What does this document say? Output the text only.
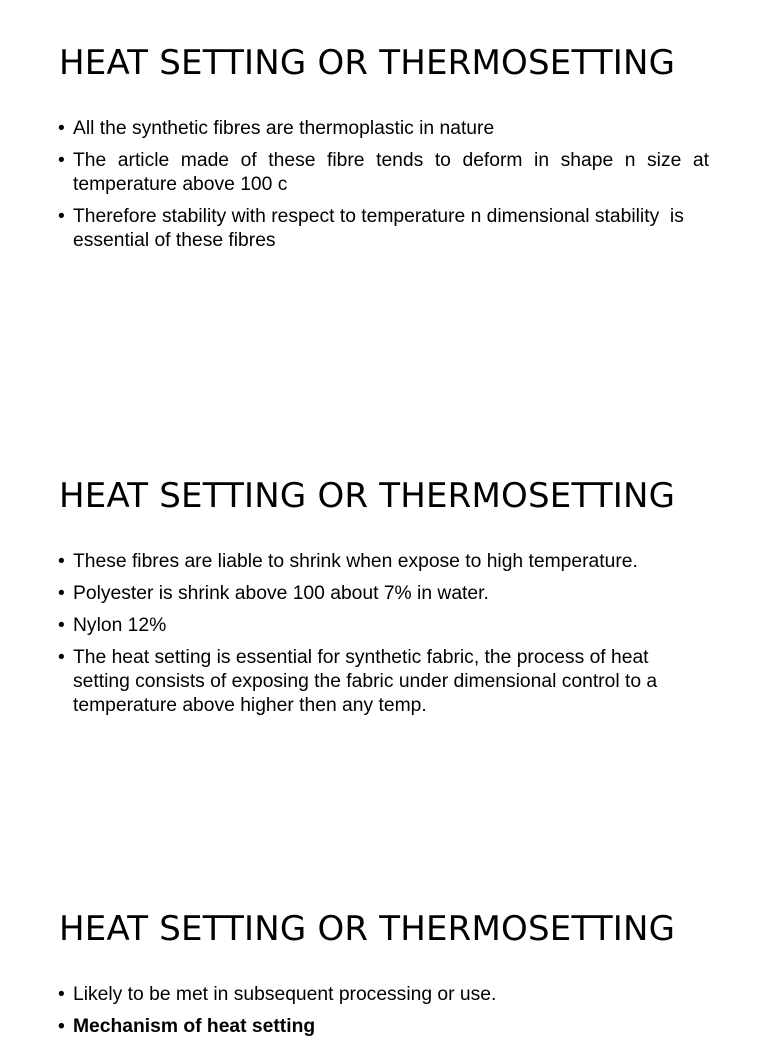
HEAT SETTING OR THERMOSETTING
• All the synthetic fibres are thermoplastic in nature
• The article made of these fibre tends to deform in shape n size at temperature above 100 c
• Therefore stability with respect to temperature n dimensional stability  is essential of these fibres
HEAT SETTING OR THERMOSETTING
• These fibres are liable to shrink when expose to high temperature.
• Polyester is shrink above 100 about 7% in water.
• Nylon 12%
• The heat setting is essential for synthetic fabric, the process of heat setting consists of exposing the fabric under dimensional control to a temperature above higher then any temp.
HEAT SETTING OR THERMOSETTING
• Likely to be met in subsequent processing or use.
• Mechanism of heat setting
